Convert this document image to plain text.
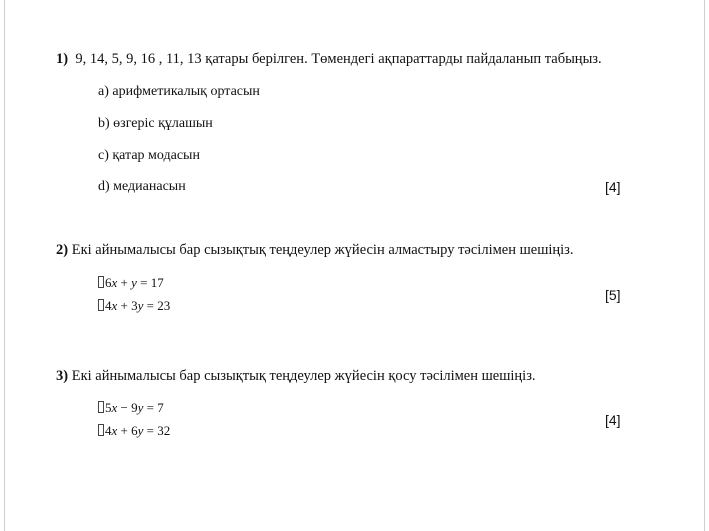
1) 9, 14, 5, 9, 16 , 11, 13 қатары берілген. Төмендегі ақпараттарды пайдаланып табыңыз.
a) арифметикалық ортасын
b) өзгеріс құлашын
c) қатар модасын
d) медианасын	[4]
2) Екі айнымалысы бар сызықтық теңдеулер жүйесін алмастыру тәсілімен шешіңіз.
6x + y = 17
4x + 3y = 23
[5]
3) Екі айнымалысы бар сызықтық теңдеулер жүйесін қосу тәсілімен шешіңіз.
5x − 9y = 7
4x + 6y = 32
[4]
